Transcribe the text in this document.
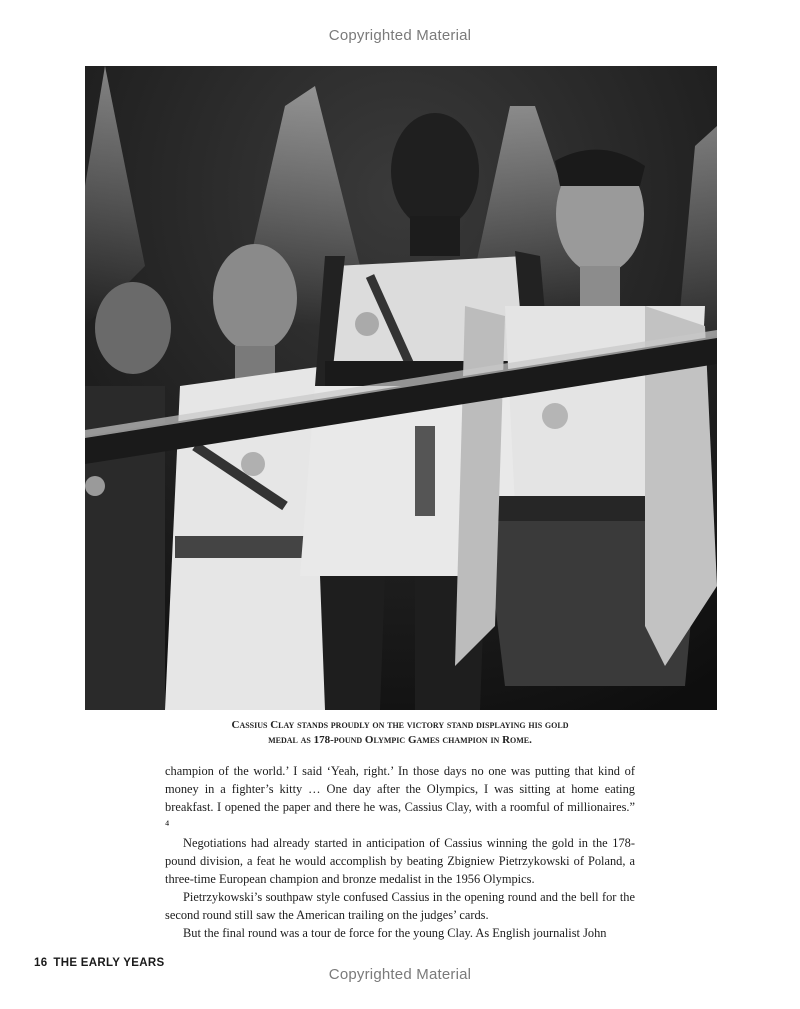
Copyrighted Material
Cassius Clay stands proudly on the victory stand displaying his gold
medal as 178-pound Olympic Games champion in Rome.

champion of the world.’ I said ‘Yeah, right.’ In those days no one was putting that kind of money in a fighter’s kitty … One day after the Olympics, I was sitting at home eating breakfast. I opened the paper and there he was, Cassius Clay, with a roomful of millionaires.” ⁴

Negotiations had already started in anticipation of Cassius winning the gold in the 178-pound division, a feat he would accomplish by beating Zbigniew Pietrzykowski of Poland, a three-time European champion and bronze medalist in the 1956 Olympics.

Pietrzykowski’s southpaw style confused Cassius in the opening round and the bell for the second round still saw the American trailing on the judges’ cards.

But the final round was a tour de force for the young Clay. As English journalist John

16 THE EARLY YEARS
Copyrighted Material
